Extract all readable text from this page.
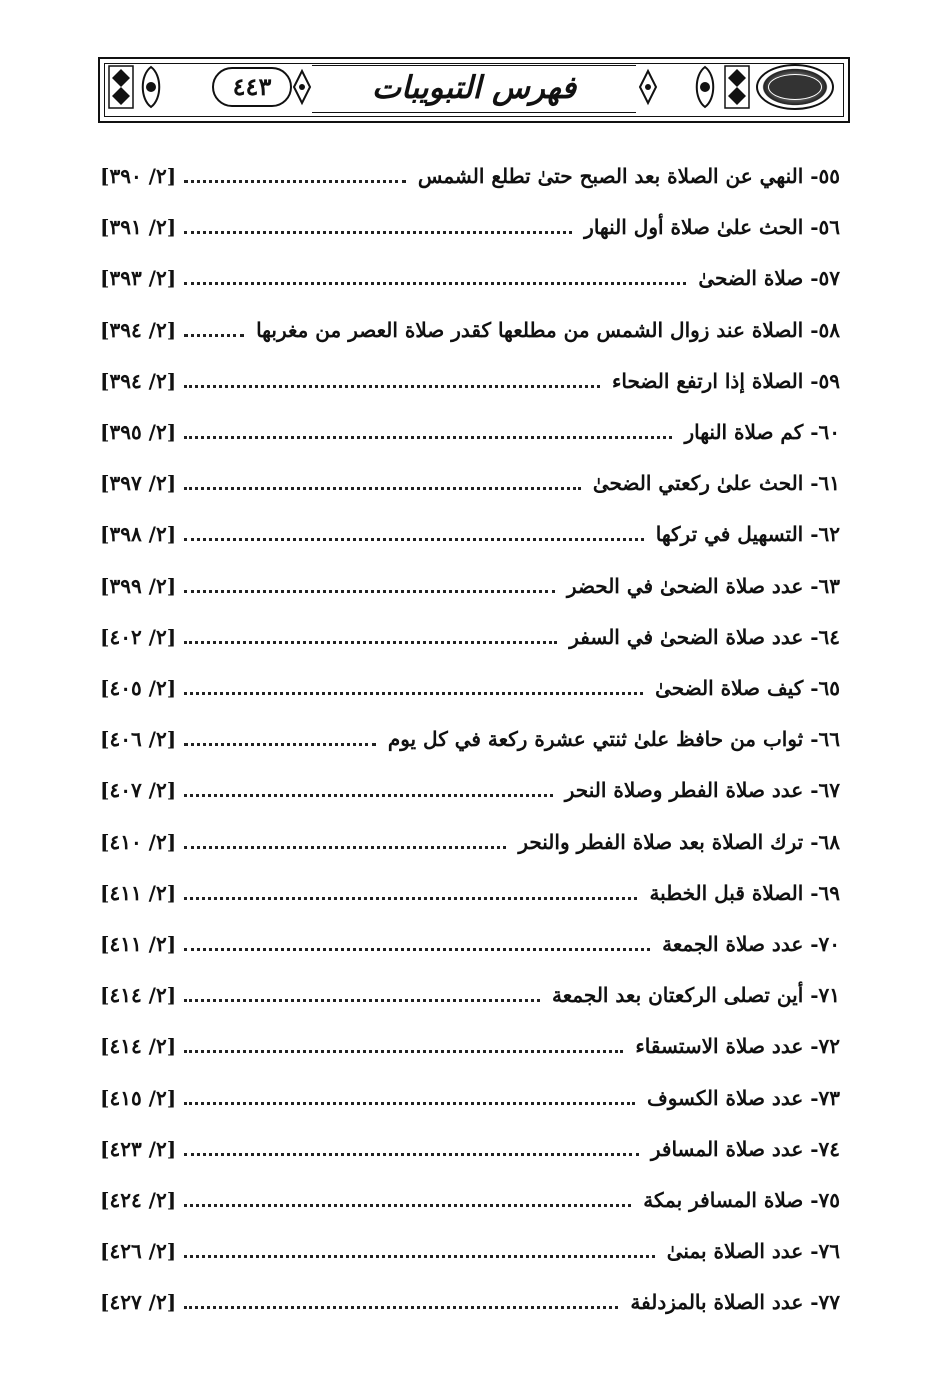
٤٤٣	فهرس التبويبات
٥٥- النهي عن الصلاة بعد الصبح حتىٰ تطلع الشمس
[٢/ ٣٩٠]
٥٦- الحث علىٰ صلاة أول النهار
[٢/ ٣٩١]
٥٧- صلاة الضحىٰ
[٢/ ٣٩٣]
٥٨- الصلاة عند زوال الشمس من مطلعها كقدر صلاة العصر من مغربها
[٢/ ٣٩٤]
٥٩- الصلاة إذا ارتفع الضحاء
[٢/ ٣٩٤]
٦٠- كم صلاة النهار
[٢/ ٣٩٥]
٦١- الحث علىٰ ركعتي الضحىٰ
[٢/ ٣٩٧]
٦٢- التسهيل في تركها
[٢/ ٣٩٨]
٦٣- عدد صلاة الضحىٰ في الحضر
[٢/ ٣٩٩]
٦٤- عدد صلاة الضحىٰ في السفر
[٢/ ٤٠٢]
٦٥- كيف صلاة الضحىٰ
[٢/ ٤٠٥]
٦٦- ثواب من حافظ علىٰ ثنتي عشرة ركعة في كل يوم
[٢/ ٤٠٦]
٦٧- عدد صلاة الفطر وصلاة النحر
[٢/ ٤٠٧]
٦٨- ترك الصلاة بعد صلاة الفطر والنحر
[٢/ ٤١٠]
٦٩- الصلاة قبل الخطبة
[٢/ ٤١١]
٧٠- عدد صلاة الجمعة
[٢/ ٤١١]
٧١- أين تصلى الركعتان بعد الجمعة
[٢/ ٤١٤]
٧٢- عدد صلاة الاستسقاء
[٢/ ٤١٤]
٧٣- عدد صلاة الكسوف
[٢/ ٤١٥]
٧٤- عدد صلاة المسافر
[٢/ ٤٢٣]
٧٥- صلاة المسافر بمكة
[٢/ ٤٢٤]
٧٦- عدد الصلاة بمنىٰ
[٢/ ٤٢٦]
٧٧- عدد الصلاة بالمزدلفة
[٢/ ٤٢٧]
